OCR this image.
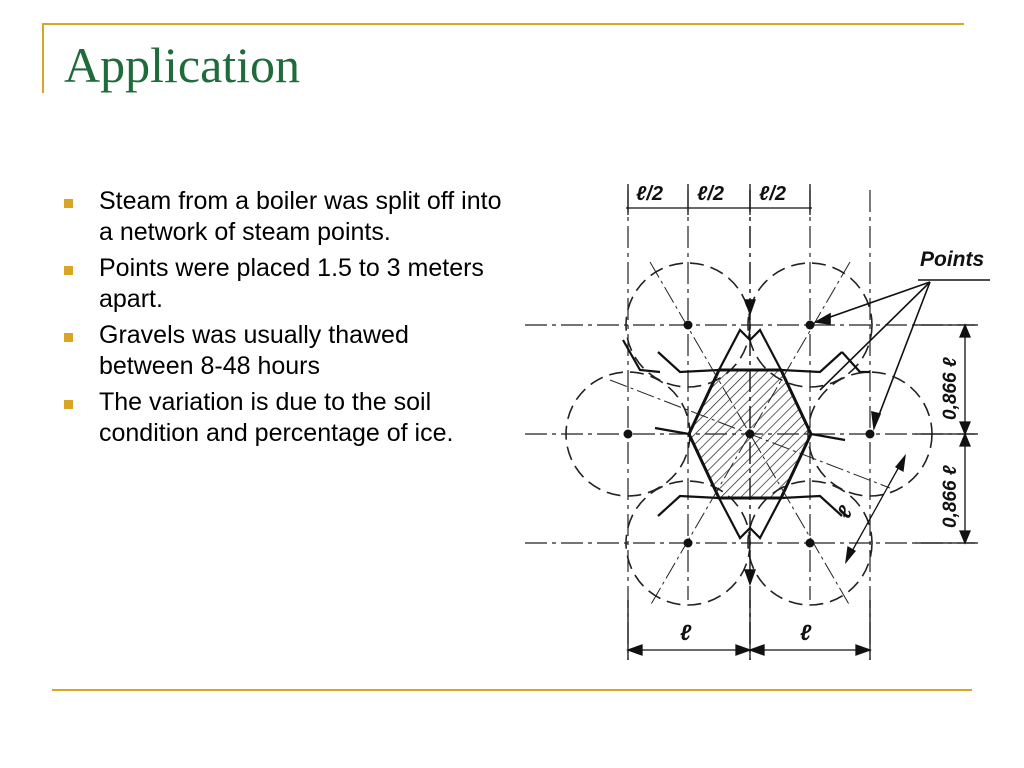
Application
Steam from a boiler was split off into a network of steam points.
Points were placed 1.5 to 3 meters apart.
Gravels was usually thawed between 8-48 hours
The variation is due to the soil condition and percentage of ice.
ℓ/2 ℓ/2 ℓ/2
0,866 ℓ
0,866 ℓ
ℓ
ℓ	ℓ
Points
